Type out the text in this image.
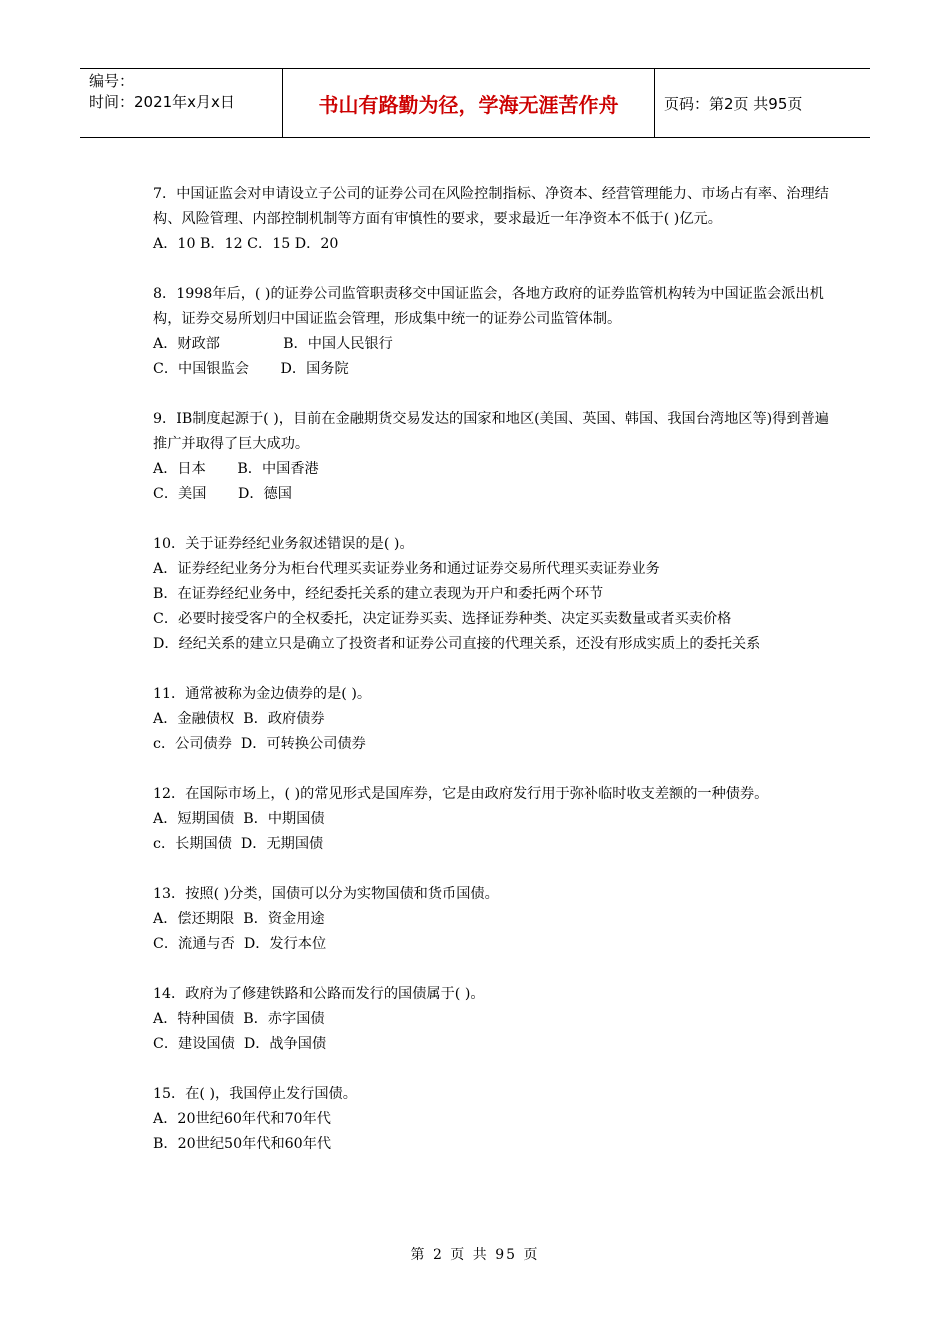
编号：
时间：2021年x月x日	书山有路勤为径，学海无涯苦作舟	页码：第2页 共95页

7．中国证监会对申请设立子公司的证券公司在风险控制指标、净资本、经营管理能力、市场占有率、治理结构、风险管理、内部控制机制等方面有审慎性的要求，要求最近一年净资本不低于( )亿元。

A．10 B．12 C．15 D．20

8．1998年后，( )的证券公司监管职责移交中国证监会，各地方政府的证券监管机构转为中国证监会派出机构，证券交易所划归中国证监会管理，形成集中统一的证券公司监管体制。

A．财政部              B．中国人民银行

C．中国银监会       D．国务院

9．IB制度起源于( )，目前在金融期货交易发达的国家和地区(美国、英国、韩国、我国台湾地区等)得到普遍推广并取得了巨大成功。

A．日本       B．中国香港

C．美国       D．德国

10．关于证券经纪业务叙述错误的是( )。

A．证券经纪业务分为柜台代理买卖证券业务和通过证券交易所代理买卖证券业务

B．在证券经纪业务中，经纪委托关系的建立表现为开户和委托两个环节

C．必要时接受客户的全权委托，决定证券买卖、选择证券种类、决定买卖数量或者买卖价格

D．经纪关系的建立只是确立了投资者和证券公司直接的代理关系，还没有形成实质上的委托关系

11．通常被称为金边债券的是( )。

A．金融债权  B．政府债券

c．公司债券  D．可转换公司债券

12．在国际市场上，( )的常见形式是国库券，它是由政府发行用于弥补临时收支差额的一种债券。

A．短期国债  B．中期国债

c．长期国债  D．无期国债

13．按照( )分类，国债可以分为实物国债和货币国债。

A．偿还期限  B．资金用途

C．流通与否  D．发行本位

14．政府为了修建铁路和公路而发行的国债属于( )。

A．特种国债  B．赤字国债

C．建设国债  D．战争国债

15．在( )，我国停止发行国债。

A．20世纪60年代和70年代

B．20世纪50年代和60年代

第 2 页 共 95 页
